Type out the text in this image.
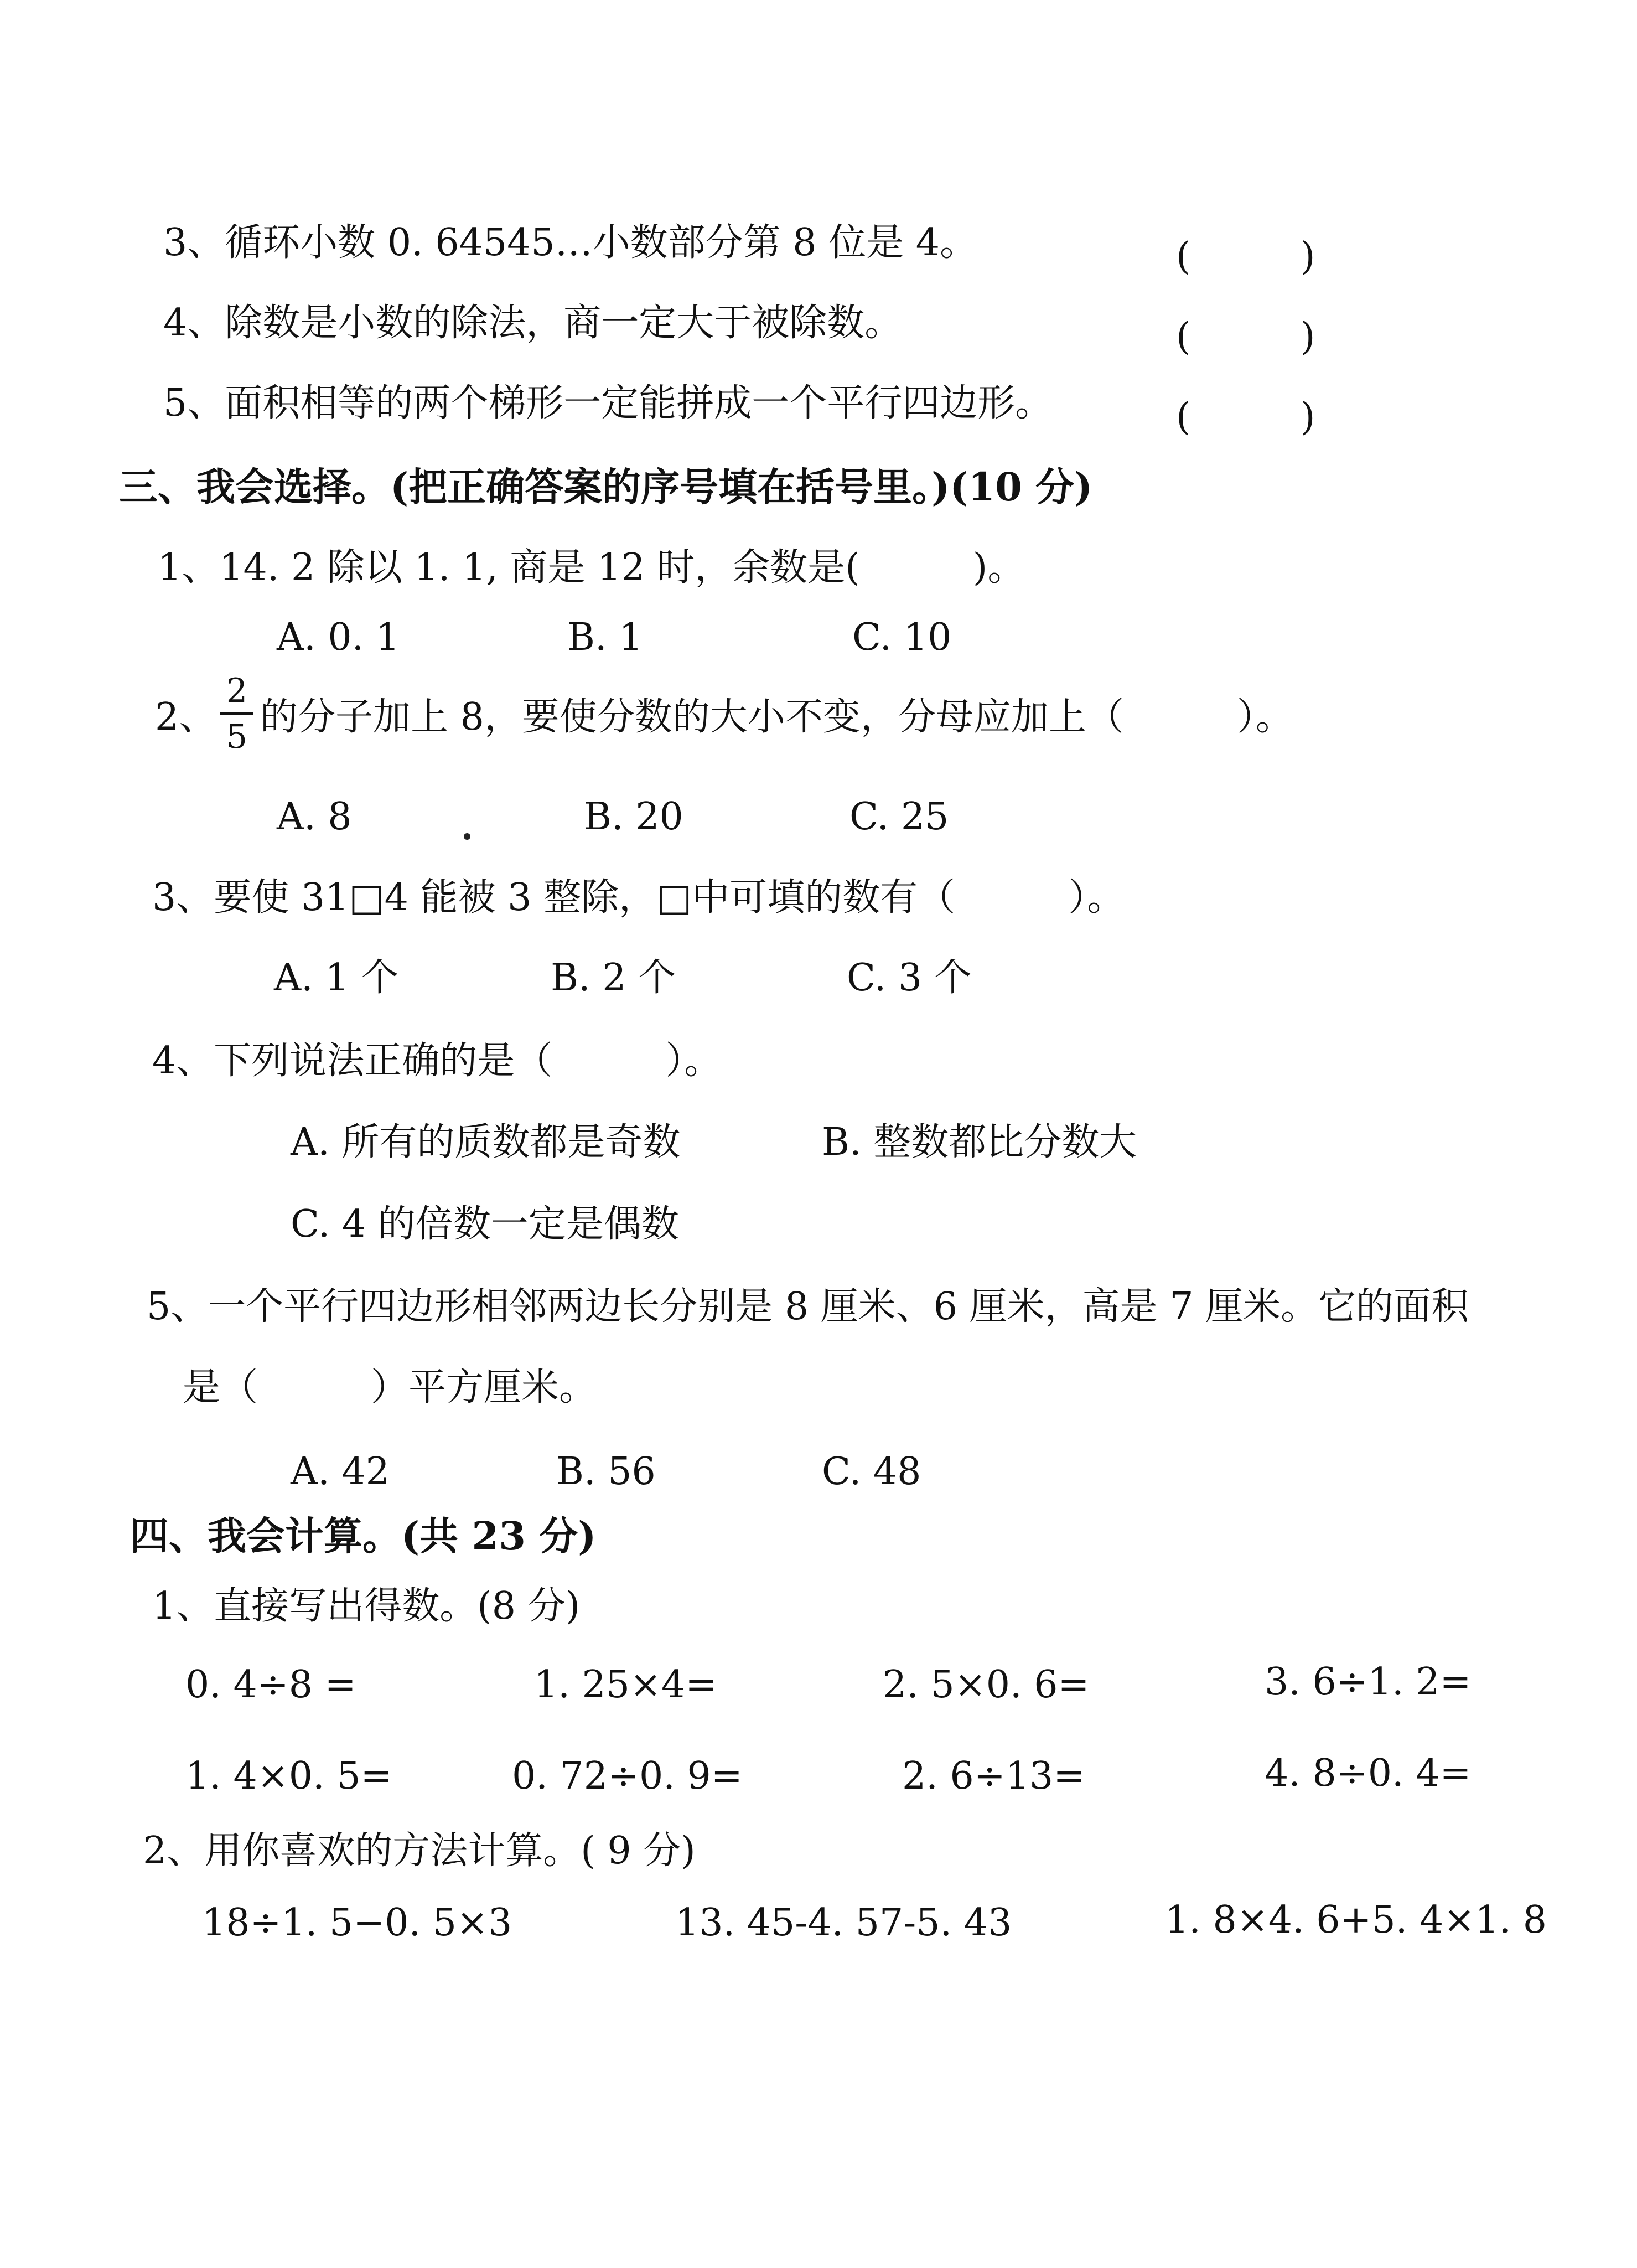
3、循环小数 0. 64545…小数部分第 8 位是 4。	(	)
4、除数是小数的除法，商一定大于被除数。	(	)
5、面积相等的两个梯形一定能拼成一个平行四边形。	(	)
三、我会选择。(把正确答案的序号填在括号里。)(10 分)
1、14. 2 除以 1. 1, 商是 12 时，余数是(　　　)。
A. 0. 1	B. 1	C. 10
2、
2
5 的分子加上 8，要使分数的大小不变，分母应加上（　　　）。
A. 8	B. 20	C. 25
3、要使 31□4 能被 3 整除，□中可填的数有（　　　）。
A. 1 个	B. 2 个	C. 3 个
4、下列说法正确的是（　　　）。
A. 所有的质数都是奇数	B. 整数都比分数大
C. 4 的倍数一定是偶数
5、一个平行四边形相邻两边长分别是 8 厘米、6 厘米，高是 7 厘米。它的面积
是（　　　）平方厘米。
A. 42	B. 56	C. 48
四、我会计算。(共 23 分)
1、直接写出得数。(8 分)
0. 4÷8 =	1. 25×4=	2. 5×0. 6=	3. 6÷1. 2=
1. 4×0. 5=	0. 72÷0. 9=	2. 6÷13=	4. 8÷0. 4=
2、用你喜欢的方法计算。( 9 分)
18÷1. 5−0. 5×3	13. 45-4. 57-5. 43	1. 8×4. 6+5. 4×1. 8
